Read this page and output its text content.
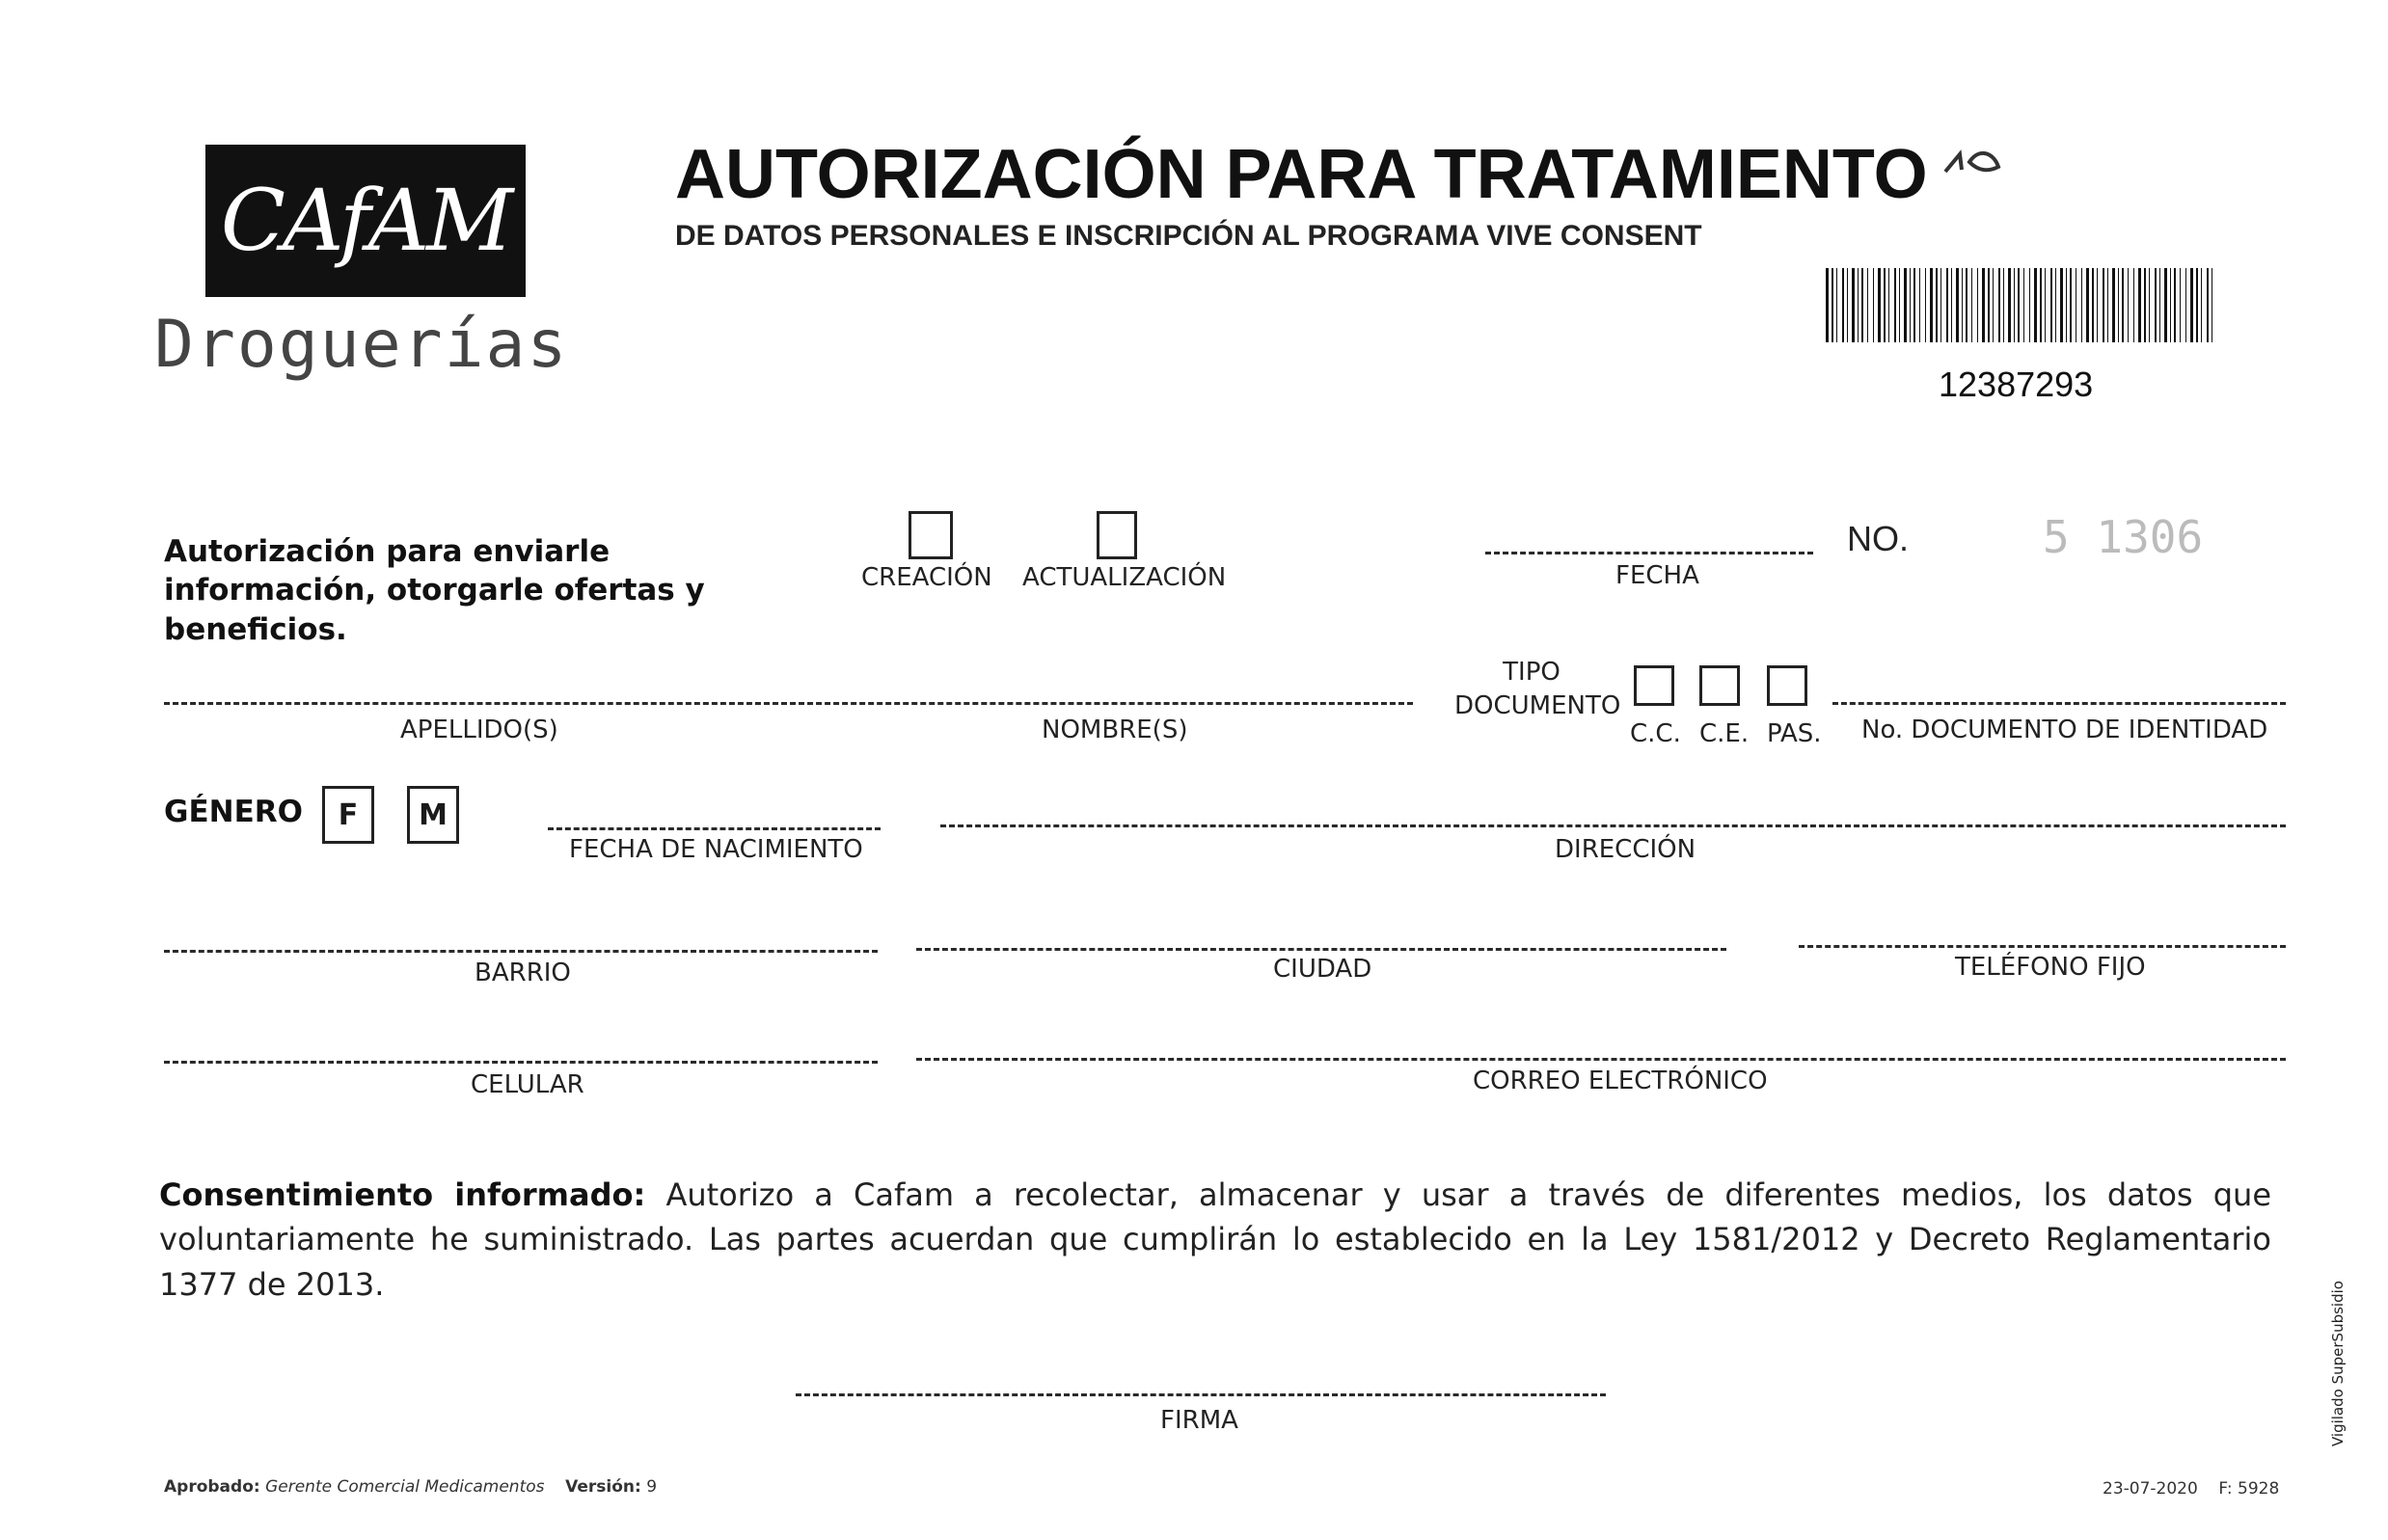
CAfAM
Droguerías
AUTORIZACIÓN PARA TRATAMIENTO
DE DATOS PERSONALES E INSCRIPCIÓN AL PROGRAMA VIVE CONSENT
12387293
Autorización para enviarle información, otorgarle ofertas y beneficios.
CREACIÓN ACTUALIZACIÓN	FECHA
NO.	5 1306
APELLIDO(S)	NOMBRE(S)
TIPO DOCUMENTO
C.C. C.E. PAS. No. DOCUMENTO DE IDENTIDAD
GÉNERO F M
FECHA DE NACIMIENTO	DIRECCIÓN
BARRIO	CIUDAD	TELÉFONO FIJO
CELULAR	CORREO ELECTRÓNICO
Consentimiento informado: Autorizo a Cafam a recolectar, almacenar y usar a través de diferentes medios, los datos que voluntariamente he suministrado. Las partes acuerdan que cumplirán lo establecido en la Ley 1581/2012 y Decreto Reglamentario 1377 de 2013.
FIRMA
Aprobado: Gerente Comercial Medicamentos Versión: 9	23-07-2020 F: 5928
Vigilado SuperSubsidio
